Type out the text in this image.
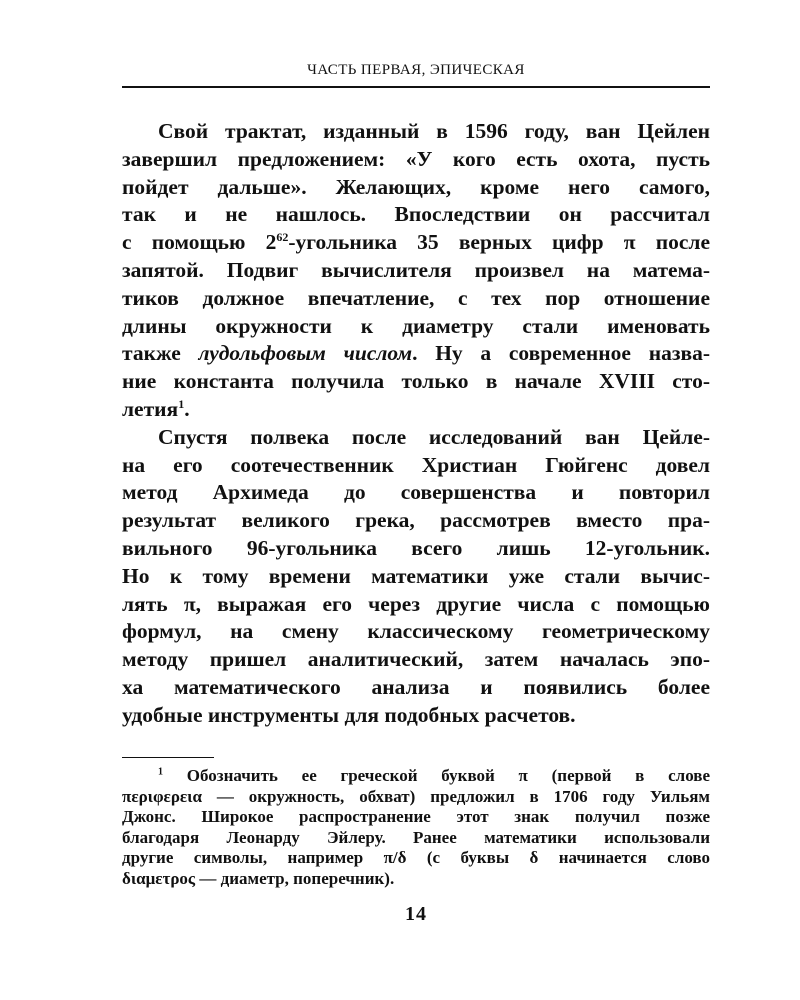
ЧАСТЬ ПЕРВАЯ, ЭПИЧЕСКАЯ
Свой трактат, изданный в 1596 году, ван Цейлен
завершил предложением: «У кого есть охота, пусть
пойдет дальше». Желающих, кроме него самого,
так и не нашлось. Впоследствии он рассчитал
с помощью 2$^{62}$-угольника 35 верных цифр π после
запятой. Подвиг вычислителя произвел на матема-
тиков должное впечатление, с тех пор отношение
длины окружности к диаметру стали именовать
также лудольфовым числом. Ну а современное назва-
ние константа получила только в начале XVIII сто-
летия$^1$.
Спустя полвека после исследований ван Цейле-
на его соотечественник Христиан Гюйгенс довел
метод Архимеда до совершенства и повторил
результат великого грека, рассмотрев вместо пра-
вильного 96-угольника всего лишь 12-угольник.
Но к тому времени математики уже стали вычис-
лять π, выражая его через другие числа с помощью
формул, на смену классическому геометрическому
методу пришел аналитический, затем началась эпо-
ха математического анализа и появились более
удобные инструменты для подобных расчетов.
$^1$ Обозначить ее греческой буквой π (первой в слове
περιφερεια — окружность, обхват) предложил в 1706 году Уильям
Джонс. Широкое распространение этот знак получил позже
благодаря Леонарду Эйлеру. Ранее математики использовали
другие символы, например π/δ (с буквы δ начинается слово
διαμετρος — диаметр, поперечник).
14
